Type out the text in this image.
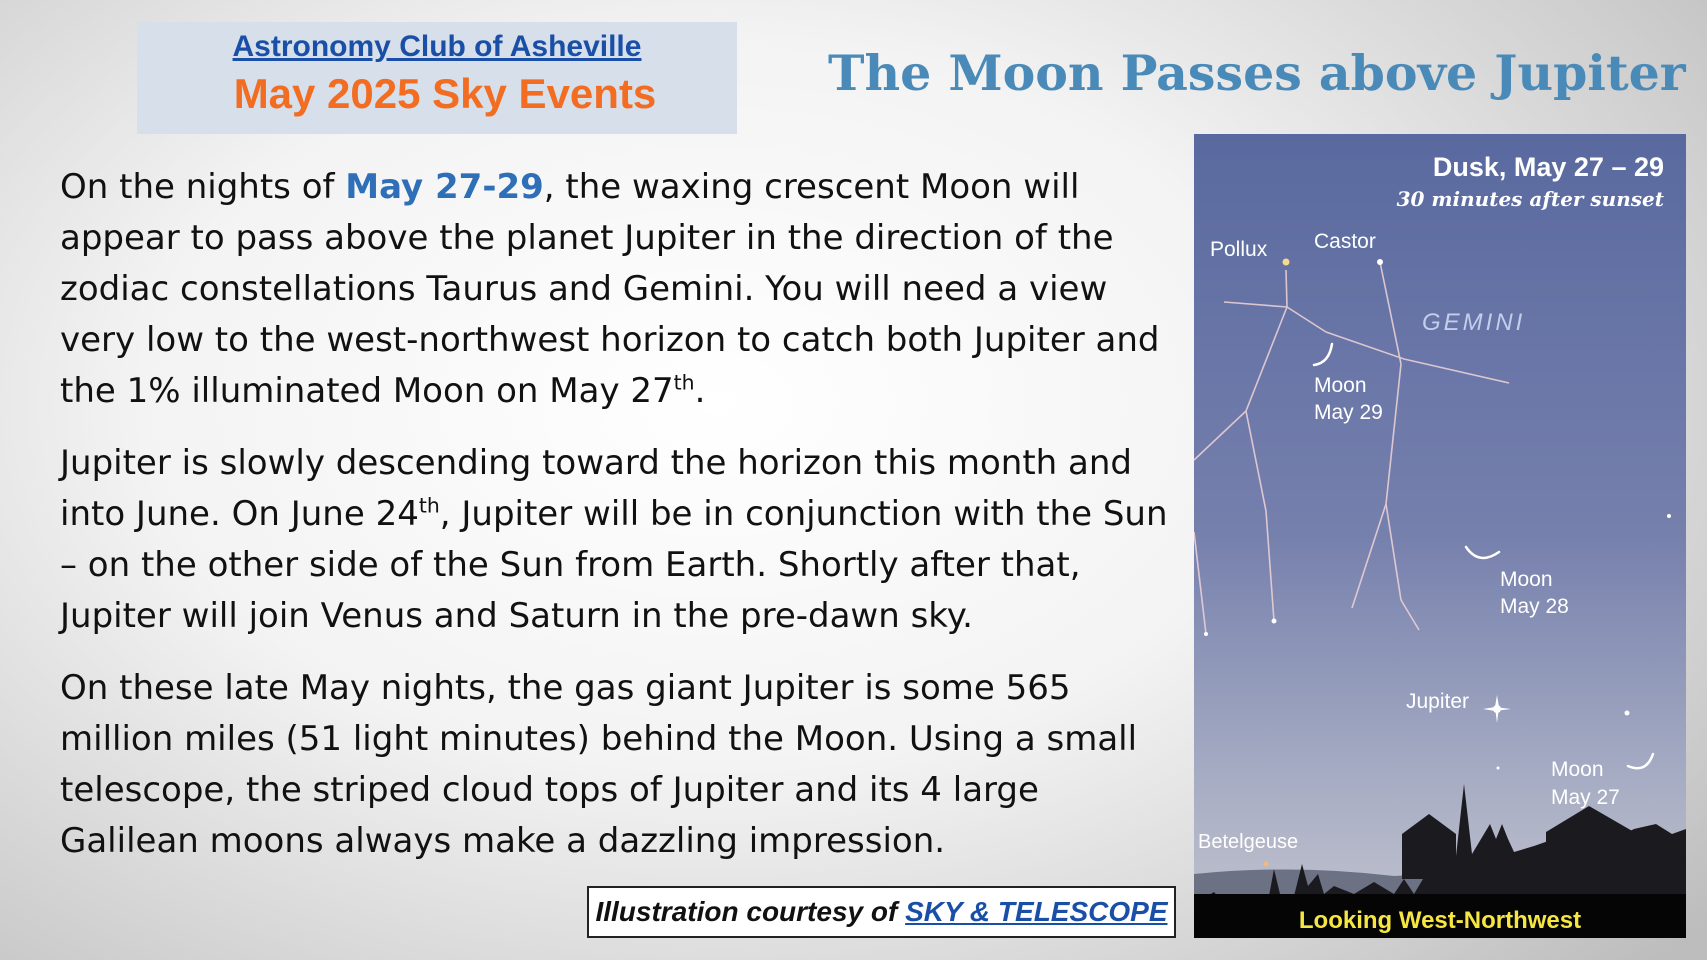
Astronomy Club of Asheville
May 2025 Sky Events	The Moon Passes above Jupiter

On the nights of May 27-29, the waxing crescent Moon will appear to pass above the planet Jupiter in the direction of the zodiac constellations Taurus and Gemini. You will need a view very low to the west-northwest horizon to catch both Jupiter and the 1% illuminated Moon on May 27th.

Jupiter is slowly descending toward the horizon this month and into June. On June 24th, Jupiter will be in conjunction with the Sun – on the other side of the Sun from Earth. Shortly after that, Jupiter will join Venus and Saturn in the pre-dawn sky.

On these late May nights, the gas giant Jupiter is some 565 million miles (51 light minutes) behind the Moon. Using a small telescope, the striped cloud tops of Jupiter and its 4 large Galilean moons always make a dazzling impression.

Illustration courtesy of SKY & TELESCOPE
Dusk, May 27 – 29
30 minutes after sunset
Pollux Castor
GEMINI
Moon
May 29
Moon
May 28
Jupiter
Moon
May 27
Betelgeuse
Looking West-Northwest
